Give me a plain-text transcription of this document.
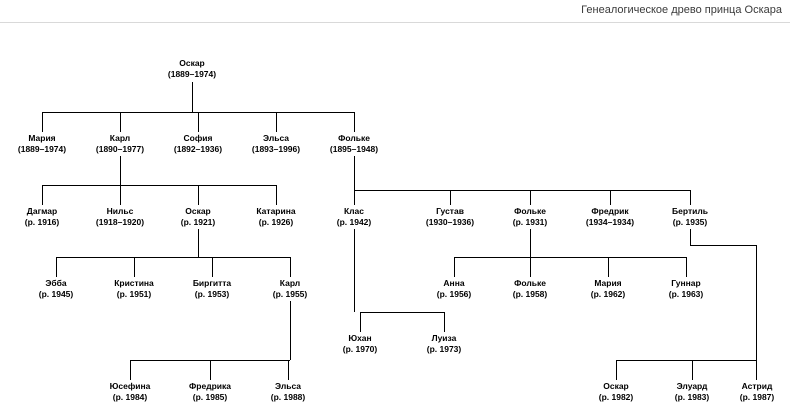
Генеалогическое древо принца Оскара
Оскар
(1889–1974)
Мария
(1889–1974)
Карл
(1890–1977)
София
(1892–1936)
Эльса
(1893–1996)
Фольке
(1895–1948)
Дагмар
(р. 1916)
Нильс
(1918–1920)
Оскар
(р. 1921)
Катарина
(р. 1926)
Клас
(р. 1942)
Густав
(1930–1936)
Фольке
(р. 1931)
Фредрик
(1934–1934)
Бертиль
(р. 1935)
Эбба
(р. 1945)
Кристина
(р. 1951)
Биргитта
(р. 1953)
Карл
(р. 1955)
Анна
(р. 1956)
Фольке
(р. 1958)
Мария
(р. 1962)
Гуннар
(р. 1963)
Юхан
(р. 1970)
Луиза
(р. 1973)
Юсефина
(р. 1984)
Фредрика
(р. 1985)
Эльса
(р. 1988)
Оскар
(р. 1982)
Элуард
(р. 1983)
Астрид
(р. 1987)
